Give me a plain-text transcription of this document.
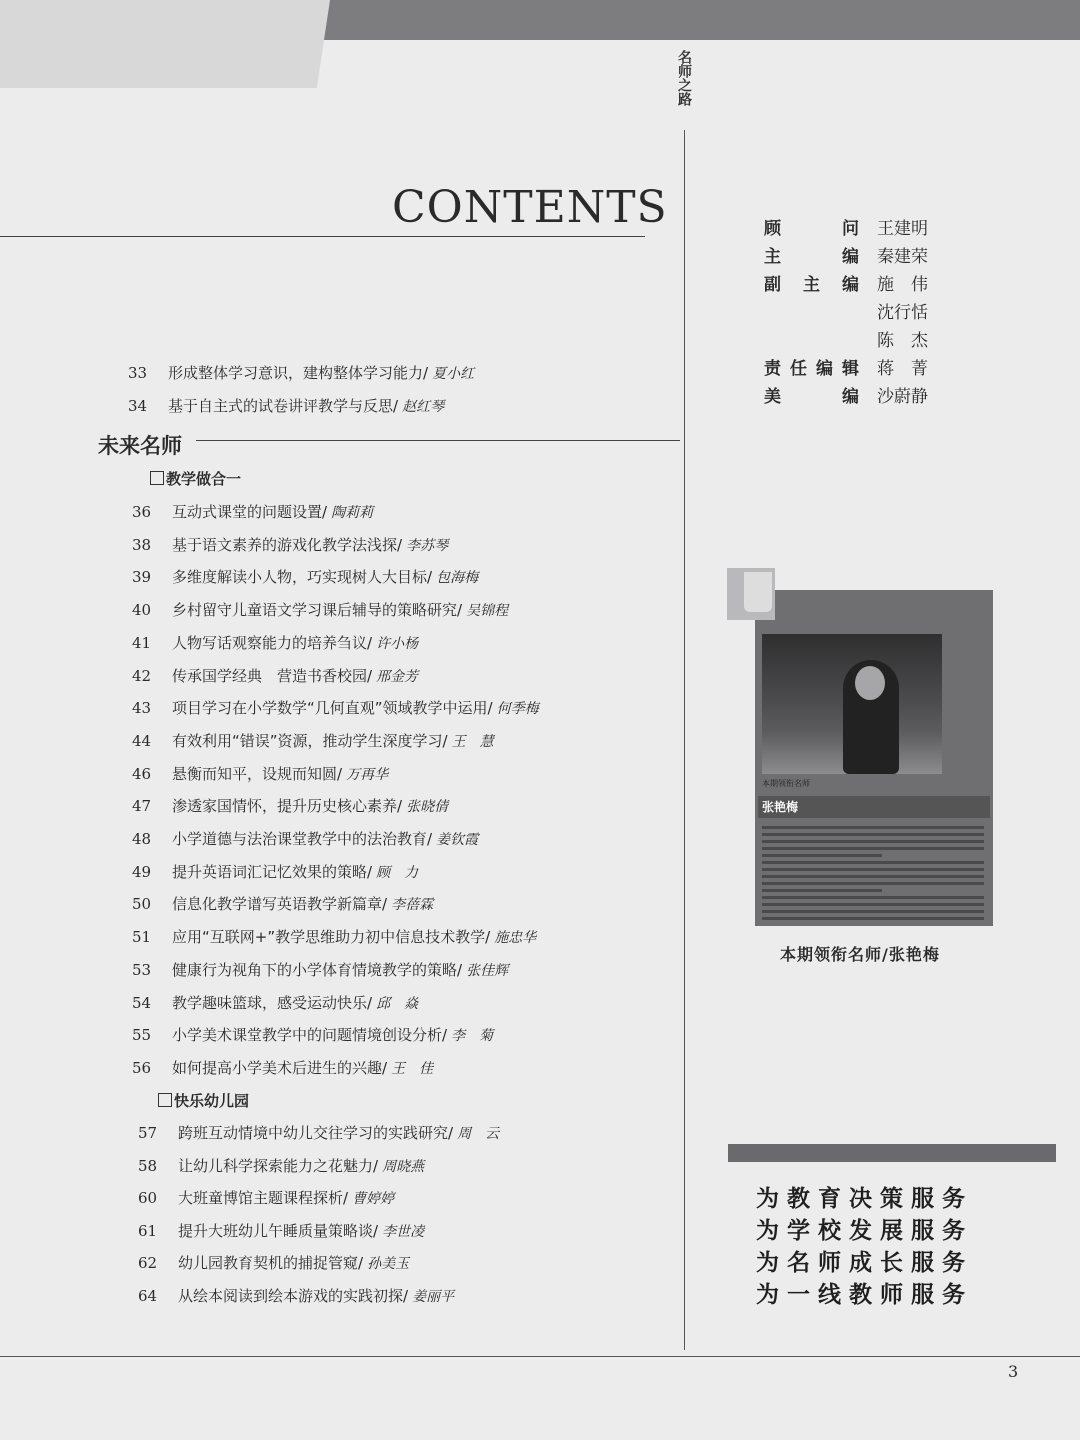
名师之路
CONTENTS
33	形成整体学习意识，建构整体学习能力/ 夏小红
34	基于自主式的试卷讲评教学与反思/ 赵红琴
未来名师
教学做合一
36	互动式课堂的问题设置/ 陶莉莉
38	基于语文素养的游戏化教学法浅探/ 李苏琴
39	多维度解读小人物，巧实现树人大目标/ 包海梅
40	乡村留守儿童语文学习课后辅导的策略研究/ 吴锦程
41	人物写话观察能力的培养刍议/ 许小杨
42	传承国学经典　营造书香校园/ 邢金芳
43	项目学习在小学数学“几何直观”领域教学中运用/ 何季梅
44	有效利用“错误”资源，推动学生深度学习/ 王　慧
46	悬衡而知平，设规而知圆/ 万再华
47	渗透家国情怀，提升历史核心素养/ 张晓倩
48	小学道德与法治课堂教学中的法治教育/ 姜钦霞
49	提升英语词汇记忆效果的策略/ 顾　力
50	信息化教学谱写英语教学新篇章/ 李蓓霖
51	应用“互联网+”教学思维助力初中信息技术教学/ 施忠华
53	健康行为视角下的小学体育情境教学的策略/ 张佳辉
54	教学趣味篮球，感受运动快乐/ 邱　焱
55	小学美术课堂教学中的问题情境创设分析/ 李　菊
56	如何提高小学美术后进生的兴趣/ 王　佳
快乐幼儿园
57	跨班互动情境中幼儿交往学习的实践研究/ 周　云
58	让幼儿科学探索能力之花魅力/ 周晓燕
60	大班童博馆主题课程探析/ 曹婷婷
61	提升大班幼儿午睡质量策略谈/ 李世凌
62	幼儿园教育契机的捕捉管窥/ 孙美玉
64	从绘本阅读到绘本游戏的实践初探/ 姜丽平
顾	问 王建明
主	编 秦建荣
副 主 编 施　伟
沈行恬
陈　杰
责 任 编 辑 蒋　菁
美	编 沙蔚静
本期领衔名师
张艳梅
本期领衔名师/张艳梅
为教育决策服务
为学校发展服务
为名师成长服务
为一线教师服务
3
